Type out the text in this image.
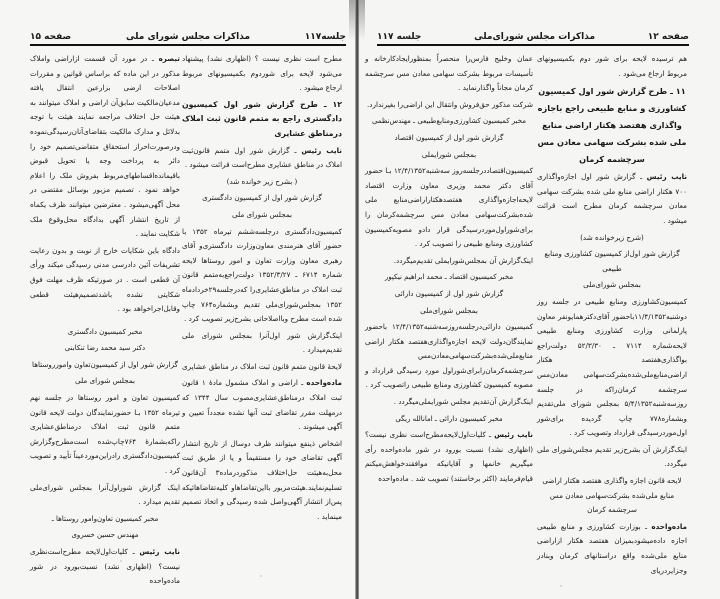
جلسه۱۱۷
مذاکرات مجلس شورای ملی
صفحه ۱۵

مطرح است نظری نیست ؟ (اظهاری نشد) پیشنهاد می‌شود لایحه برای شوردوم بکمیسیونهای مربوط ارجاع میشود .

۱۲ ـ طرح گزارش شور اول کمیسیون دادگستری راجع به متمم قانون ثبت املاک درمناطق عشایری

نایب رئیس ـ گزارش شور اول متمم قانون‌ثبت املاک در مناطق عشایری مطرح‌است قرائت میشود .

( بشرح زیر خوانده شد)

گزارش شور اول از کمیسیون دادگستری

بمجلس شورای ملی

کمیسیون‌دادگستری درجلسه‌ششم تیرماه ۱۳۵۲ با حضور آقای هنرمندی معاون‌وزارت دادگستری‌و آقای رهبری معاون وزارت تعاون و امور روستاها لایحه شماره ۶۷۱۴ ـ ۱۳۵۲/۳/۲۷ دولت‌راجع‌به‌متمم قانون ثبت املاک در مناطق‌عشایری‌را که‌درجلسه۲۹خردادماه ۱۳۵۲ بمجلس‌شورای‌ملی تقدیم وبشماره۷۶۴ چاپ شده است مطرح وبااصلاحاتی بشرح‌زیر تصویب کرد .

اینک‌گزارش شور اول‌آنرا بمجلس شورای ملی تقدیم‌میدارد .

لایحهٔ قانون متمم قانون ثبت املاک در مناطق عشایری

ماده‌واحده ـ اراضی و املاک مشمول مادهٔ ۱ قانون ثبت املاک درمناطق‌عشایری‌مصوب سال ۱۳۴۴ که درمهلت مقرر تقاضای ثبت آنها نشده مجدداً تعیین و آگهی میشوند .

اشخاص ذینفع میتوانند ظرف دوسال از تاریخ انتشار آگهی تقاضای خود را مستقیماً و یا از طریق ثبت محل‌به‌هیئت حل‌اختلاف مذکوردرماده۳ آن‌قانون تسلیم‌نمایند.هیئت‌مزبور بااین‌تقاضاهاو کلیه‌تقاضاهائیکه پس‌از انتشار آگهی‌واصل شده رسیدگی و اتخاذ تصمیم مینماید .

تبصره ـ در مورد آن قسمت ازاراضی واملاک مذکور در این ماده که براساس قوانین و مقررات اصلاحات ارضی بزارعین انتقال یافته مدعیان‌مالکیت سابق‌آن اراضی و املاک میتوانند به هیئت حل اختلاف مراجعه نمایند هیئت با توجه بدلائل و مدارک مالکیت بتقاضای‌آنان‌رسیدگی‌نموده ودرصورت‌احراز استحقاق متقاضی‌تصمیم خود را دائر به پرداخت وجه یا تحویل قبوض باقیمانده‌اقساطهای‌مربوط بفروش ملک را اعلام خواهد نمود . تصمیم مزبور بوسائل مقتضی در محل آگهی‌میشود . معترضین میتوانند ظرف یکماه از تاریخ انتشار آگهی بدادگاه محل‌وقوع ملک شکایت نمایند .

دادگاه باین شکایات خارج از نوبت و بدون رعایت تشریفات آئین دادرسی مدنی رسیدگی میکند ورأی آن قطعی است . در صورتیکه ظرف مهلت فوق شکایتی نشده باشدتصمیم‌هیئت قطعی وقابل‌اجراخواهد بود .

مخبر کمیسیون دادگستری

دکتر سید محمد رضا تنکابنی

گزارش شور اول از کمیسیون‌تعاون وامورروستاها

بمجلس شورای ملی

کمیسیون تعاون و امور روستاها در جلسه نهم تیرماه ۱۳۵۲ بـا حضورنمایندگان دولت لایحه قانون متمم قانون ثبت املاک درمناطق‌عشایری راکه‌بشمارهٔ ۷۶۴چاپ‌شده است‌مطرح‌وگزارش کمیسیون‌دادگستری رادراین‌مورد‌عیناً تأیید و تصویب کرد .

اینک گزارش شوراول‌آنرا بمجلس شورای‌ملی تقدیم میدارد .

مخبر کمیسیون تعاون‌وامور روستاها ـ

مهندس حسین خسروی

نایب رئیس ـ کلیات‌اول‌لایحه مطرح‌است‌نظری نیست؟ (اظهاری نشد) نسبت‌بورود در شور ماده‌واحده

صفحه ۱۲
مذاکرات مجلس شورای‌ملی
جلسه ۱۱۷

هم ترسیده لایحه برای شور دوم بکمیسیونهای مربوط ارجاع می‌شود .

۱۱ ـ طرح گزارش شور اول کمیسیون کشاورزی و منابع طبیعی راجع باجازه واگذاری هفتصد هکتار اراضی منابع ملی شده بشرکت سهامی معادن مس سرچشمه کرمان

نایب رئیس ـ گزارش شور اول اجازه‌واگذاری ۷۰۰ هکتار اراضی منابع ملی شده بشرکت سهامی معادن سرچشمه کرمان مطرح است قرائت میشود .

(شرح زیرخوانده شد)

گزارش شور اول‌از کمیسیون کشاورزی ومنابع طبیعی

بمجلس شورای‌ملی

کمیسیون‌کشاورزی ومنابع طبیعی در جلسه روز دوشنبه۱۱/۴/۱۳۵۲باحضور آقای‌دکترهمایونفر معاون پارلمانی وزارت کشاورزی ومنابع طبیعی لایحه‌شماره ۷۱۱۴ ـ ۵۲/۳/۳۰ دولت‌راجع بواگذاری‌هفتصد هکتار اراضی‌منابع‌ملی‌شده‌بشرکت‌سهامی معادن‌مس سرچشمه کرمان‌راکه در جلسه روزسه‌شنبه۵/۴/۱۳۵۲ بمجلس شورای ملی‌تقدیم وبشماره۷۷۸ چاپ گردیده برای‌شور اول‌موردرسیدگی قرارداد وتصویب کرد .

اینک‌گزارش آن بشرح‌زیر تقدیم مجلس‌شورای ملی میگردد.

لایحه قانون اجازه واگذاری هفتصد هکتار اراضی منابع ملی‌شده بشرکت‌سهامی معادن مس سرچشمه کرمان

ماده‌واحده ـ بوزارت کشاورزی و منابع طبیعی اجازه داده‌میشود‌بمیزان هفتصد هکتار ازاراضی منابع ملی‌شده واقع دراستانهای کرمان وبنادر وجزایردریای

عمان وخلیج فارس‌را منحصراً بمنظورایجادکارخانه و تأسیسات مربوط بشرکت سهامی معادن مس سرچشمه کرمان مجاناً واگذارنماید .

شرکت مذکور حق‌فروش وانتقال این اراضی‌را بغیرندارد.

مخبر کمیسیون کشاورزی‌ومنابع‌طبیعی ـ مهندس‌نظمی

گزارش شور اول از کمیسیون اقتصاد

بمجلس شورایملی

کمیسیون‌اقتصاددرجلسه‌روز سه‌شنبه۱۲/۴/۱۳۵۲ بـا حضور آقای دکتر محمد وزیری معاون وزارت اقتصاد لایحه‌اجازه‌واگذاری هفتصدهکتاراراضی‌منابع ملی شده‌بشرکت‌سهامی معادن مس سرچشمه‌کرمان را برای‌شوراول‌موردرسیدگی قرار دادو مصوبه‌کمیسیون کشاورزی ومنابع طبیعی را تصویب کرد .

اینک‌گزارش آن بمجلس‌شورایملی تقدیم‌میگردد.

مخبر کمیسیون اقتصاد ـ محمد ابراهیم نیکپور

گزارش شور اول از کمیسیون دارائی

بمجلس شورای‌ملی

کمیسیون دارائی‌درجلسه‌روزسه‌شنبه۱۲/۴/۱۳۵۲ باحضور نمایندگان‌دولت لایحه اجازه‌واگذاری‌هفتصد هکتار اراضی منابع‌ملی‌شده‌بشرکت‌سهامی‌معادن‌مس سرچشمه‌کرمان‌رابرای‌شوراول مورد رسیدگی قرارداد و مصوبه کمیسیون کشاورزی ومنابع طبیعی راتصویب کرد .

اینک‌گزارش آن‌تقدیم مجلس شورایملی‌میگردد .

مخبر کمیسیون دارائی ـ امانالله ریگی

نایب رئیس ـ کلیات‌اول‌لایحه‌مطرح‌است نظری نیست؟ (اظهاری نشد) نسبت بورود در شور ماده‌واحده رأی میگیریم خانمها و آقایانیکه موافقندخواهش‌میکنم قیام‌فرمایند (اکثر برخاستند) تصویب شد . ماده‌واحده
